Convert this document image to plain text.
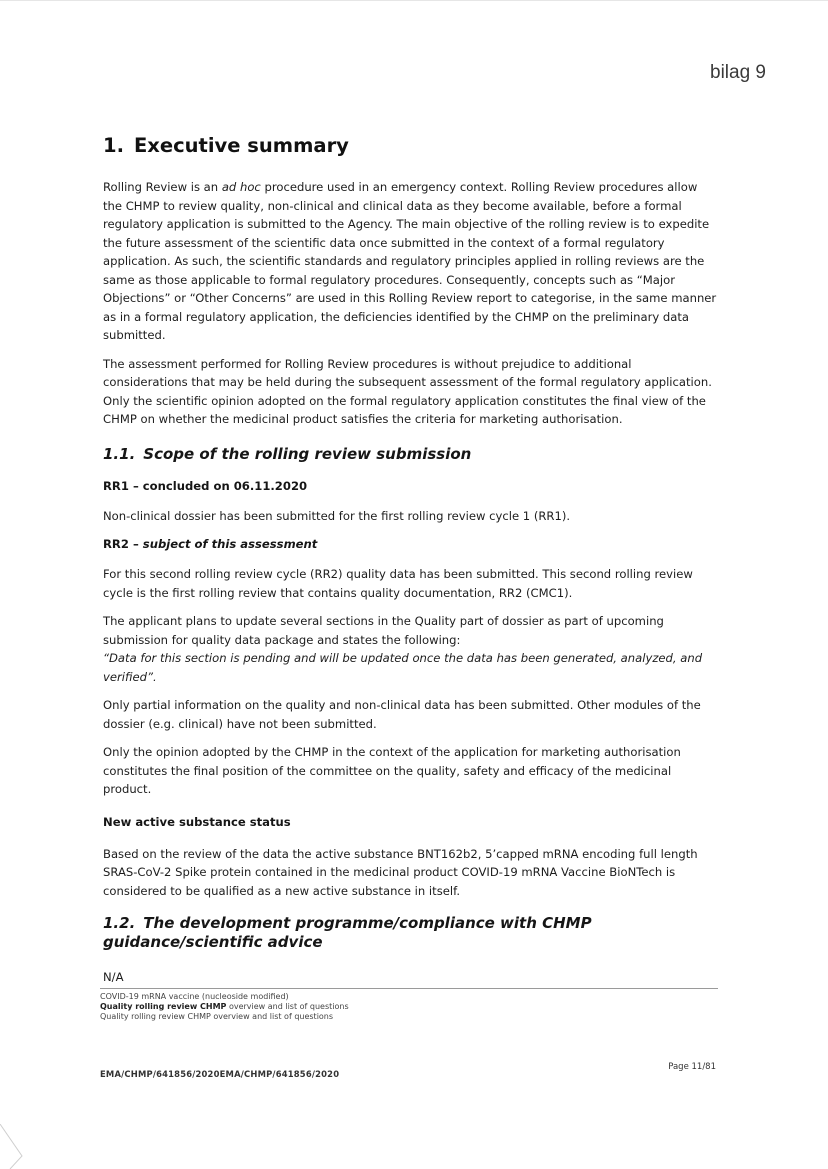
bilag 9
1. Executive summary

Rolling Review is an ad hoc procedure used in an emergency context. Rolling Review procedures allow the CHMP to review quality, non-clinical and clinical data as they become available, before a formal regulatory application is submitted to the Agency. The main objective of the rolling review is to expedite the future assessment of the scientific data once submitted in the context of a formal regulatory application. As such, the scientific standards and regulatory principles applied in rolling reviews are the same as those applicable to formal regulatory procedures. Consequently, concepts such as “Major Objections” or “Other Concerns” are used in this Rolling Review report to categorise, in the same manner as in a formal regulatory application, the deficiencies identified by the CHMP on the preliminary data submitted.

The assessment performed for Rolling Review procedures is without prejudice to additional considerations that may be held during the subsequent assessment of the formal regulatory application. Only the scientific opinion adopted on the formal regulatory application constitutes the final view of the CHMP on whether the medicinal product satisfies the criteria for marketing authorisation.

1.1. Scope of the rolling review submission
RR1 – concluded on 06.11.2020

Non-clinical dossier has been submitted for the first rolling review cycle 1 (RR1).

RR2 – subject of this assessment

For this second rolling review cycle (RR2) quality data has been submitted. This second rolling review cycle is the first rolling review that contains quality documentation, RR2 (CMC1).

The applicant plans to update several sections in the Quality part of dossier as part of upcoming submission for quality data package and states the following:

“Data for this section is pending and will be updated once the data has been generated, analyzed, and verified”.

Only partial information on the quality and non-clinical data has been submitted. Other modules of the dossier (e.g. clinical) have not been submitted.

Only the opinion adopted by the CHMP in the context of the application for marketing authorisation constitutes the final position of the committee on the quality, safety and efficacy of the medicinal product.

New active substance status

Based on the review of the data the active substance BNT162b2, 5’capped mRNA encoding full length SRAS-CoV-2 Spike protein contained in the medicinal product COVID-19 mRNA Vaccine BioNTech is considered to be qualified as a new active substance in itself.

1.2. The development programme/compliance with CHMP guidance/scientific advice

N/A

COVID-19 mRNA vaccine (nucleoside modified)
Quality rolling review CHMP overview and list of questions
Quality rolling review CHMP overview and list of questions
EMA/CHMP/641856/2020EMA/CHMP/641856/2020
Page 11/81
